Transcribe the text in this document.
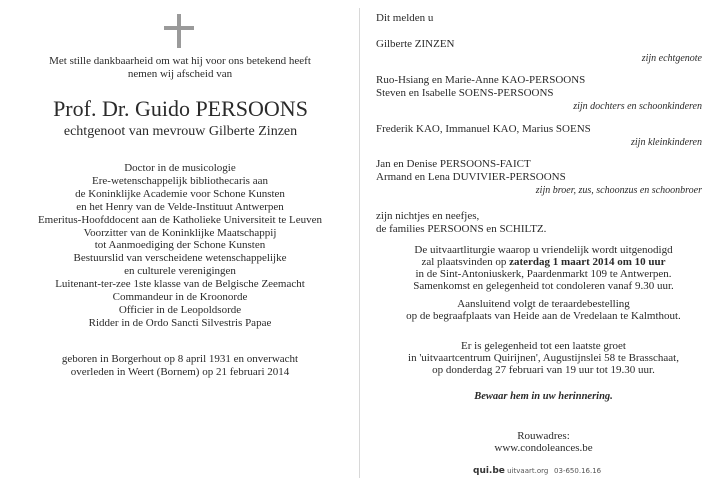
Met stille dankbaarheid om wat hij voor ons betekend heeft
nemen wij afscheid van
Prof. Dr. Guido PERSOONS
echtgenoot van mevrouw Gilberte Zinzen
Doctor in de musicologie
Ere-wetenschappelijk bibliothecaris aan
de Koninklijke Academie voor Schone Kunsten
en het Henry van de Velde-Instituut Antwerpen
Emeritus-Hoofddocent aan de Katholieke Universiteit te Leuven
Voorzitter van de Koninklijke Maatschappij
tot Aanmoediging der Schone Kunsten
Bestuurslid van verscheidene wetenschappelijke
en culturele verenigingen
Luitenant-ter-zee 1ste klasse van de Belgische Zeemacht
Commandeur in de Kroonorde
Officier in de Leopoldsorde
Ridder in de Ordo Sancti Silvestris Papae
geboren in Borgerhout op 8 april 1931 en onverwacht
overleden in Weert (Bornem) op 21 februari 2014
Dit melden u
Gilberte ZINZEN
zijn echtgenote
Ruo-Hsiang en Marie-Anne KAO-PERSOONS
Steven en Isabelle SOENS-PERSOONS
zijn dochters en schoonkinderen
Frederik KAO, Immanuel KAO, Marius SOENS
zijn kleinkinderen
Jan en Denise PERSOONS-FAICT
Armand en Lena DUVIVIER-PERSOONS
zijn broer, zus, schoonzus en schoonbroer
zijn nichtjes en neefjes,
de families PERSOONS en SCHILTZ.
De uitvaartliturgie waarop u vriendelijk wordt uitgenodigd
zal plaatsvinden op zaterdag 1 maart 2014 om 10 uur
in de Sint-Antoniuskerk, Paardenmarkt 109 te Antwerpen.
Samenkomst en gelegenheid tot condoleren vanaf 9.30 uur.
Aansluitend volgt de teraardebestelling
op de begraafplaats van Heide aan de Vredelaan te Kalmthout.
Er is gelegenheid tot een laatste groet
in 'uitvaartcentrum Quirijnen', Augustijnslei 58 te Brasschaat,
op donderdag 27 februari van 19 uur tot 19.30 uur.
Bewaar hem in uw herinnering.
Rouwadres:
www.condoleances.be
qui.be uitvaart.org 03-650.16.16
